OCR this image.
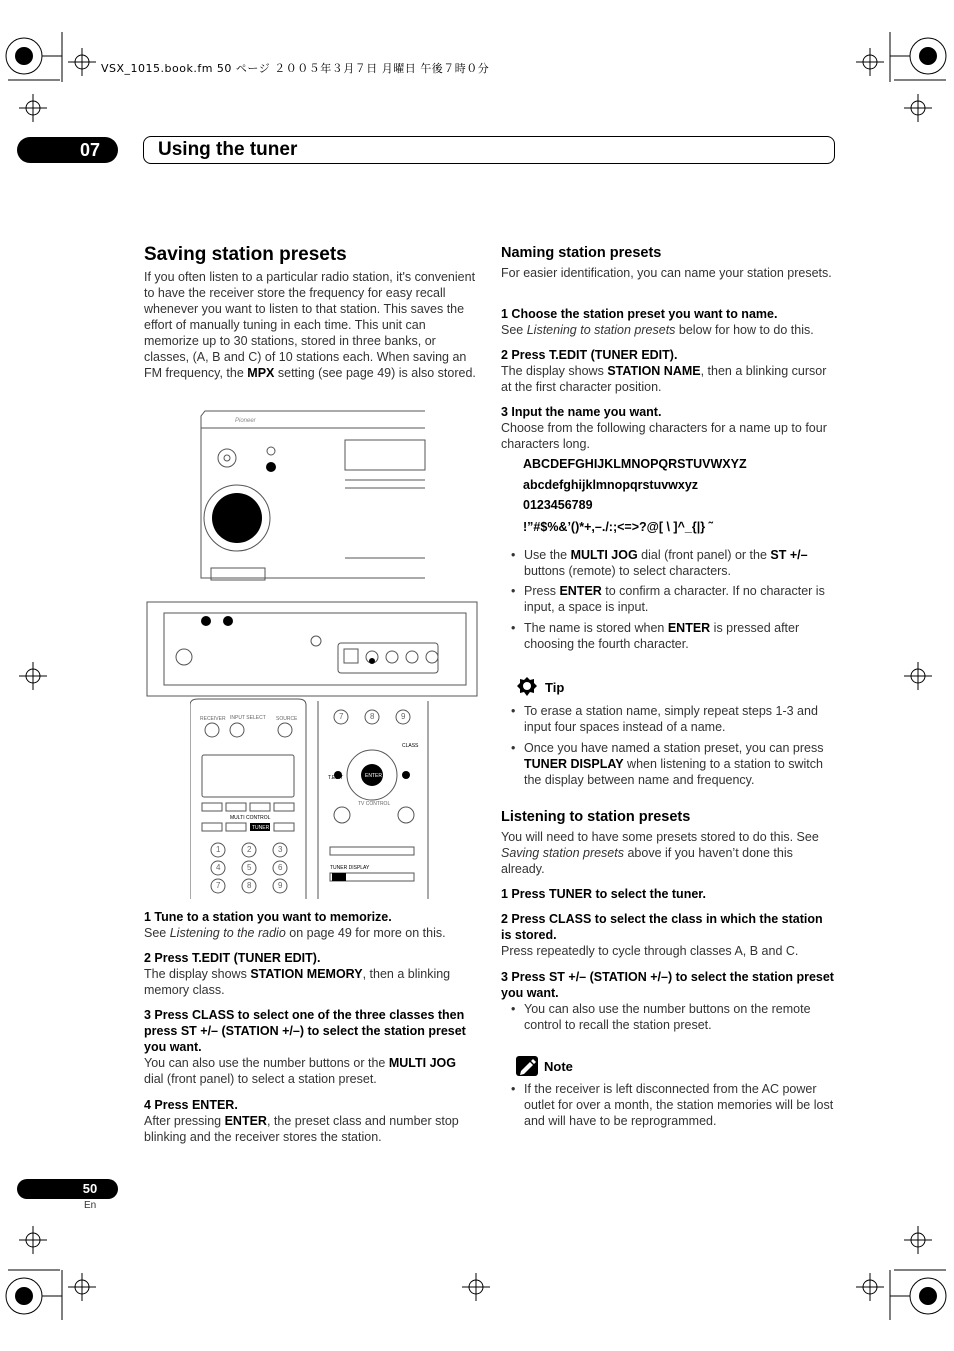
VSX_1015.book.fm 50 ページ ２００５年３月７日 月曜日 午後７時０分
07	Using the tuner
Saving station presets
If you often listen to a particular radio station, it's convenient to have the receiver store the frequency for easy recall whenever you want to listen to that station. This saves the effort of manually tuning in each time. This unit can memorize up to 30 stations, stored in three banks, or classes, (A, B and C) of 10 stations each. When saving an FM frequency, the MPX setting (see page 49) is also stored.
Pioneer
RECEIVER INPUT SELECT SOURCE
MULTI CONTROL
TUNER
ENTER
T.EDIT
CLASS
TV CONTROL
TUNER DISPLAY
1	2	3
4	5	6
7	8	9
7	8	9
1 Tune to a station you want to memorize.
See Listening to the radio on page 49 for more on this.
2 Press T.EDIT (TUNER EDIT).
The display shows STATION MEMORY, then a blinking memory class.
3 Press CLASS to select one of the three classes then press ST +/– (STATION +/–) to select the station preset you want.
You can also use the number buttons or the MULTI JOG dial (front panel) to select a station preset.
4 Press ENTER.
After pressing ENTER, the preset class and number stop blinking and the receiver stores the station.
Naming station presets
For easier identification, you can name your station presets.
1 Choose the station preset you want to name.
See Listening to station presets below for how to do this.
2 Press T.EDIT (TUNER EDIT).
The display shows STATION NAME, then a blinking cursor at the first character position.
3 Input the name you want.
Choose from the following characters for a name up to four characters long.
ABCDEFGHIJKLMNOPQRSTUVWXYZ
abcdefghijklmnopqrstuvwxyz
0123456789
!”#$%&’()*+,–./:;<=>?@[ \ ]^_{|} ˜
• Use the MULTI JOG dial (front panel) or the ST +/– buttons (remote) to select characters.
• Press ENTER to confirm a character. If no character is input, a space is input.
• The name is stored when ENTER is pressed after choosing the fourth character.
Tip
• To erase a station name, simply repeat steps 1-3 and input four spaces instead of a name.
• Once you have named a station preset, you can press TUNER DISPLAY when listening to a station to switch the display between name and frequency.
Listening to station presets
You will need to have some presets stored to do this. See Saving station presets above if you haven’t done this already.
1 Press TUNER to select the tuner.
2 Press CLASS to select the class in which the station is stored.
Press repeatedly to cycle through classes A, B and C.
3 Press ST +/– (STATION +/–) to select the station preset you want.
• You can also use the number buttons on the remote control to recall the station preset.
Note
• If the receiver is left disconnected from the AC power outlet for over a month, the station memories will be lost and will have to be reprogrammed.
50
En
